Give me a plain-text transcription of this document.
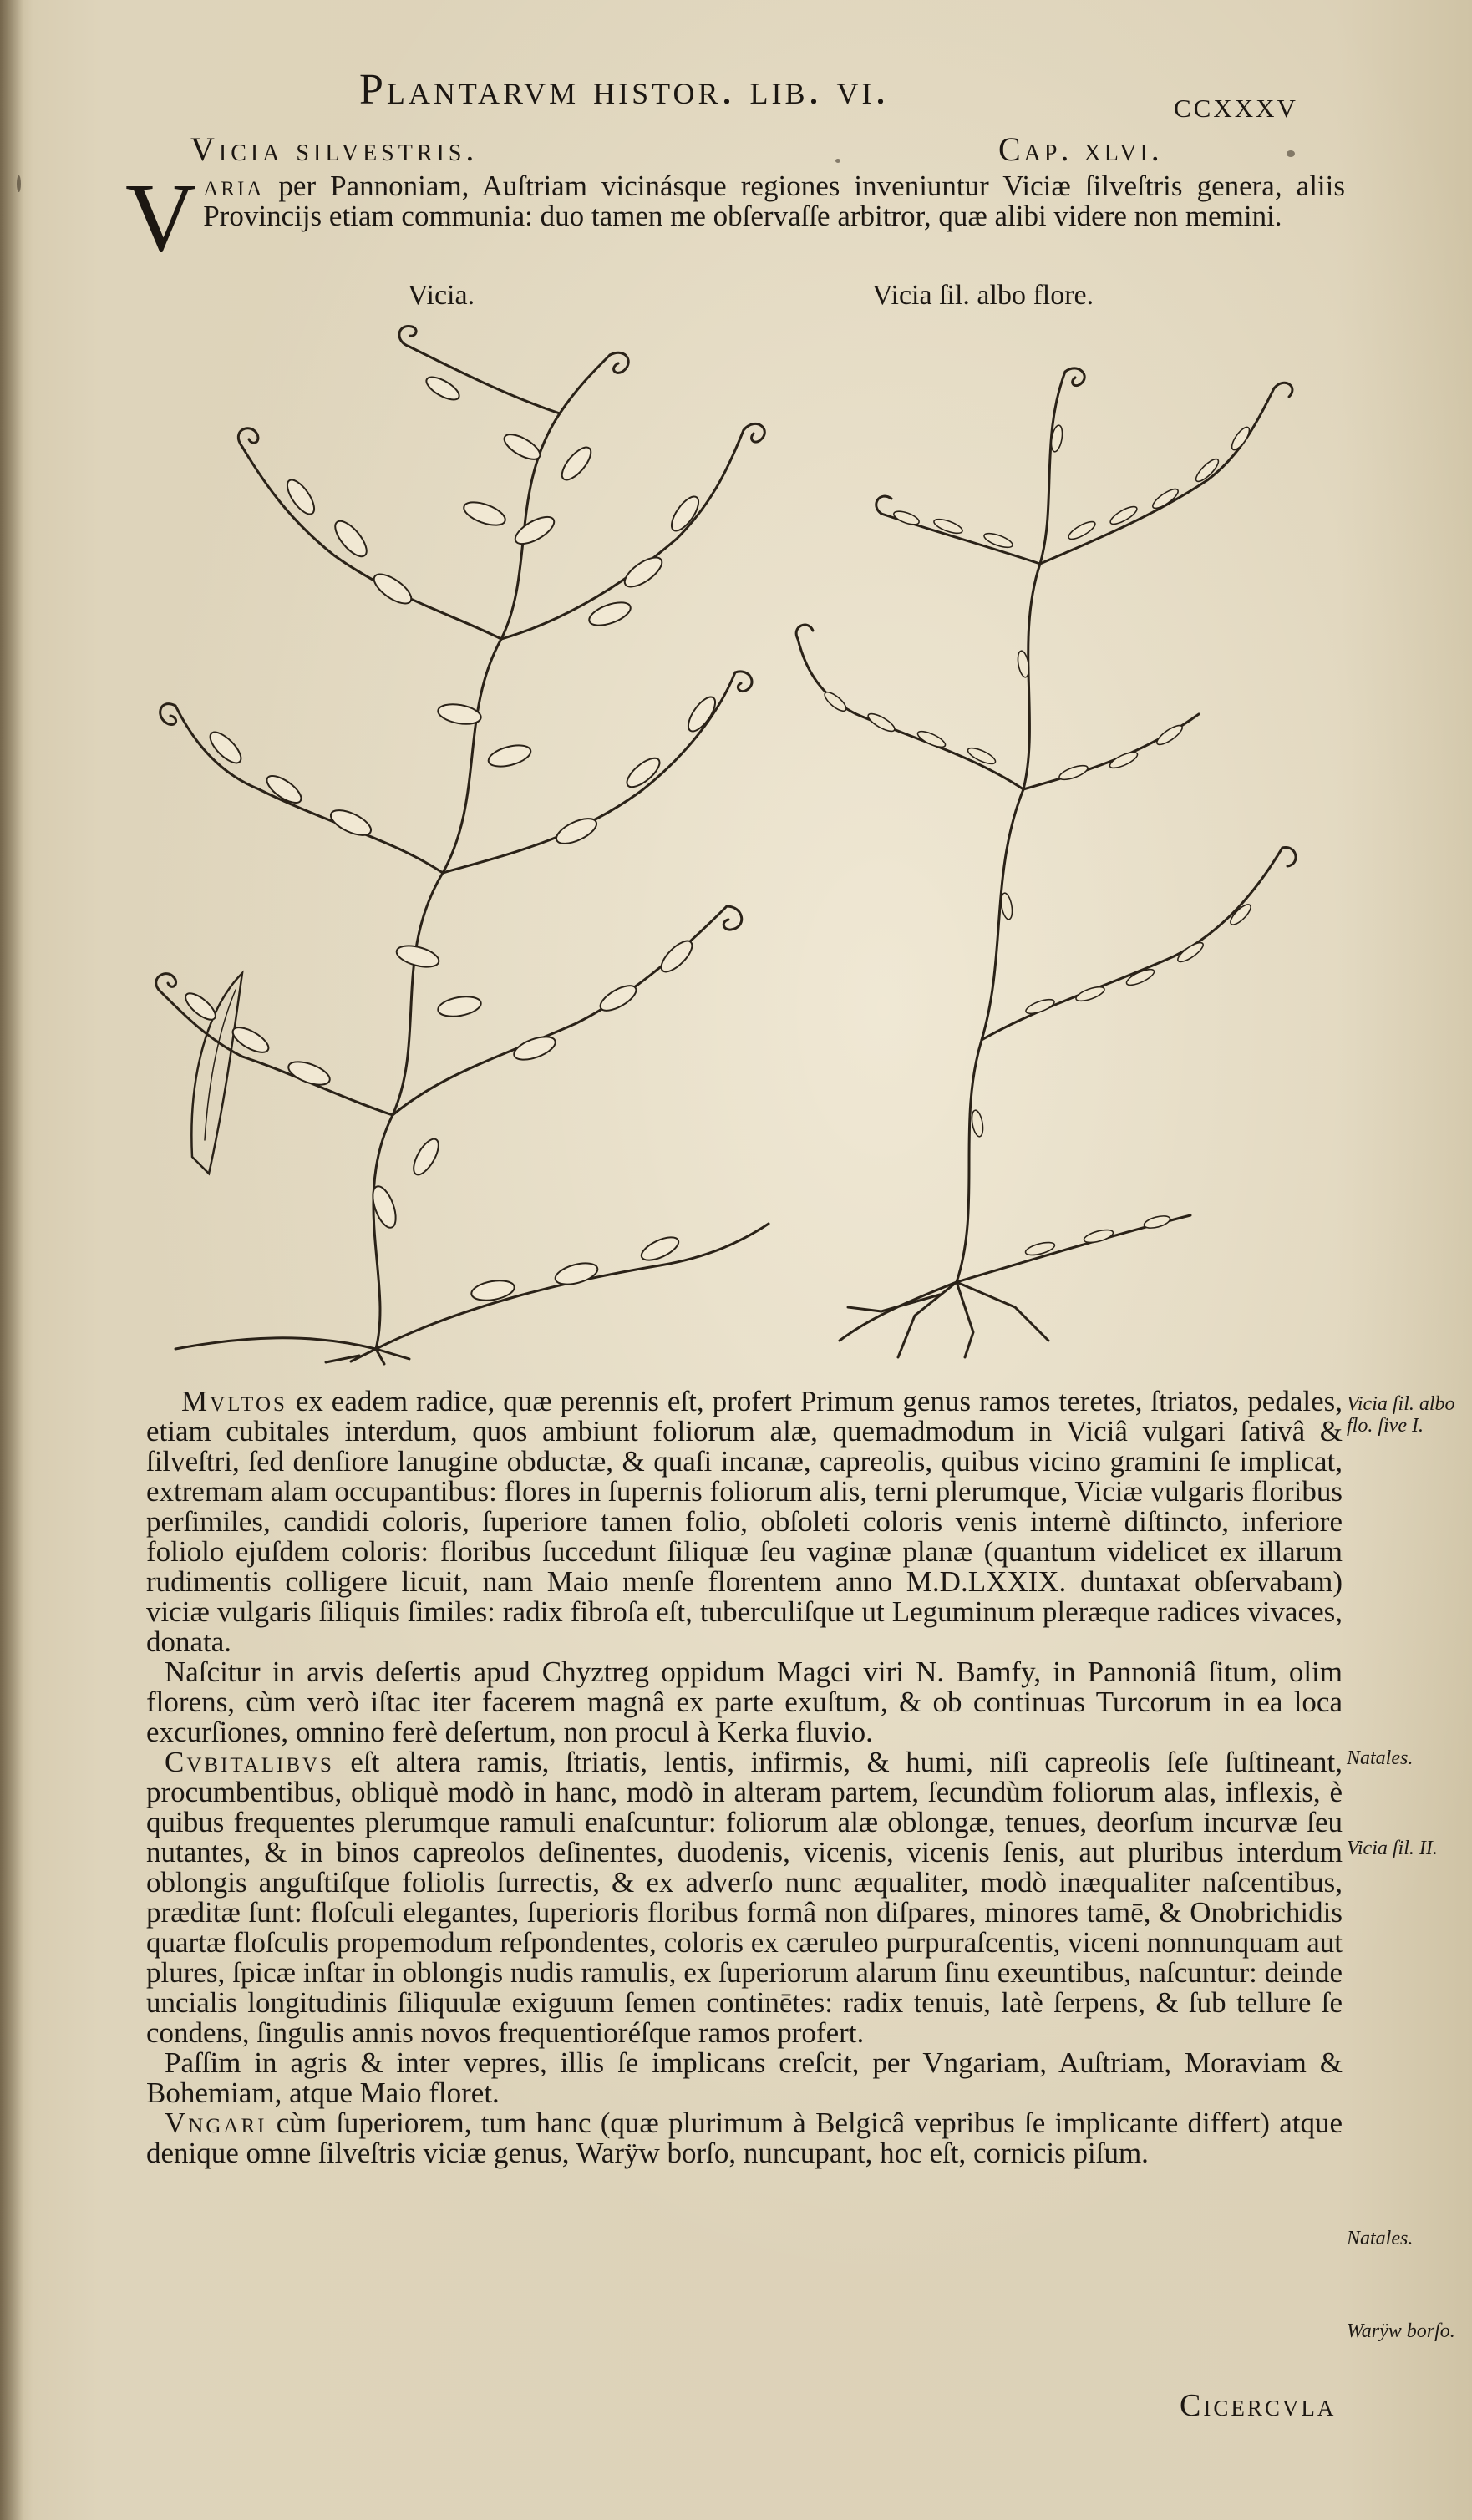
Plantarvm histor. lib. vi.	ccxxxv
Vicia silvestris.	Cap. xlvi.
Varia per Pannoniam, Auſtriam vicinásque regiones inveniuntur Viciæ ſilveſtris genera, aliis Provincijs etiam communia: duo tamen me obſervaſſe arbitror, quæ alibi videre non memini.
Vicia.	Vicia ſil. albo flore.

Mvltos ex eadem radice, quæ perennis eſt, profert Primum genus ramos teretes, ſtriatos, pedales, etiam cubitales interdum, quos ambiunt foliorum alæ, quemadmodum in Viciâ vulgari ſativâ & ſilveſtri, ſed denſiore lanugine obductæ, & quaſi incanæ, capreolis, quibus vicino gramini ſe implicat, extremam alam occupantibus: flores in ſupernis foliorum alis, terni plerumque, Viciæ vulgaris floribus perſimiles, candidi coloris, ſuperiore tamen folio, obſoleti coloris venis internè diſtincto, inferiore foliolo ejuſdem coloris: floribus ſuccedunt ſiliquæ ſeu vaginæ planæ (quantum videlicet ex illarum rudimentis colligere licuit, nam Maio menſe florentem anno M.D.LXXIX. duntaxat obſervabam) viciæ vulgaris ſiliquis ſimiles: radix fibroſa eſt, tuberculiſque ut Leguminum pleræque radices vivaces, donata.

Naſcitur in arvis deſertis apud Chyztreg oppidum Magci viri N. Bamfy, in Pannoniâ ſitum, olim florens, cùm verò iſtac iter facerem magnâ ex parte exuſtum, & ob continuas Turcorum in ea loca excurſiones, omnino ferè deſertum, non procul à Kerka fluvio.

Cvbitalibvs eſt altera ramis, ſtriatis, lentis, infirmis, & humi, niſi capreolis ſeſe ſuſtineant, procumbentibus, obliquè modò in hanc, modò in alteram partem, ſecundùm foliorum alas, inflexis, è quibus frequentes plerumque ramuli enaſcuntur: foliorum alæ oblongæ, tenues, deorſum incurvæ ſeu nutantes, & in binos capreolos deſinentes, duodenis, vicenis, vicenis ſenis, aut pluribus interdum oblongis anguſtiſque foliolis ſurrectis, & ex adverſo nunc æqualiter, modò inæqualiter naſcentibus, præditæ ſunt: floſculi elegantes, ſuperioris floribus formâ non diſpares, minores tamē, & Onobrichidis quartæ floſculis propemodum reſpondentes, coloris ex cæruleo purpuraſcentis, viceni nonnunquam aut plures, ſpicæ inſtar in oblongis nudis ramulis, ex ſuperiorum alarum ſinu exeuntibus, naſcuntur: deinde uncialis longitudinis ſiliquulæ exiguum ſemen continētes: radix tenuis, latè ſerpens, & ſub tellure ſe condens, ſingulis annis novos frequentioréſque ramos profert.

Paſſim in agris & inter vepres, illis ſe implicans creſcit, per Vngariam, Auſtriam, Moraviam & Bohemiam, atque Maio floret.

Vngari cùm ſuperiorem, tum hanc (quæ plurimum à Belgicâ vepribus ſe implicante differt) atque denique omne ſilveſtris viciæ genus, Warÿw borſo, nuncupant, hoc eſt, cornicis piſum.

Vicia ſil. albo flo. ſive I.
Natales.
Vicia ſil. II.
Natales.
Warÿw borſo.
Cicercvla
